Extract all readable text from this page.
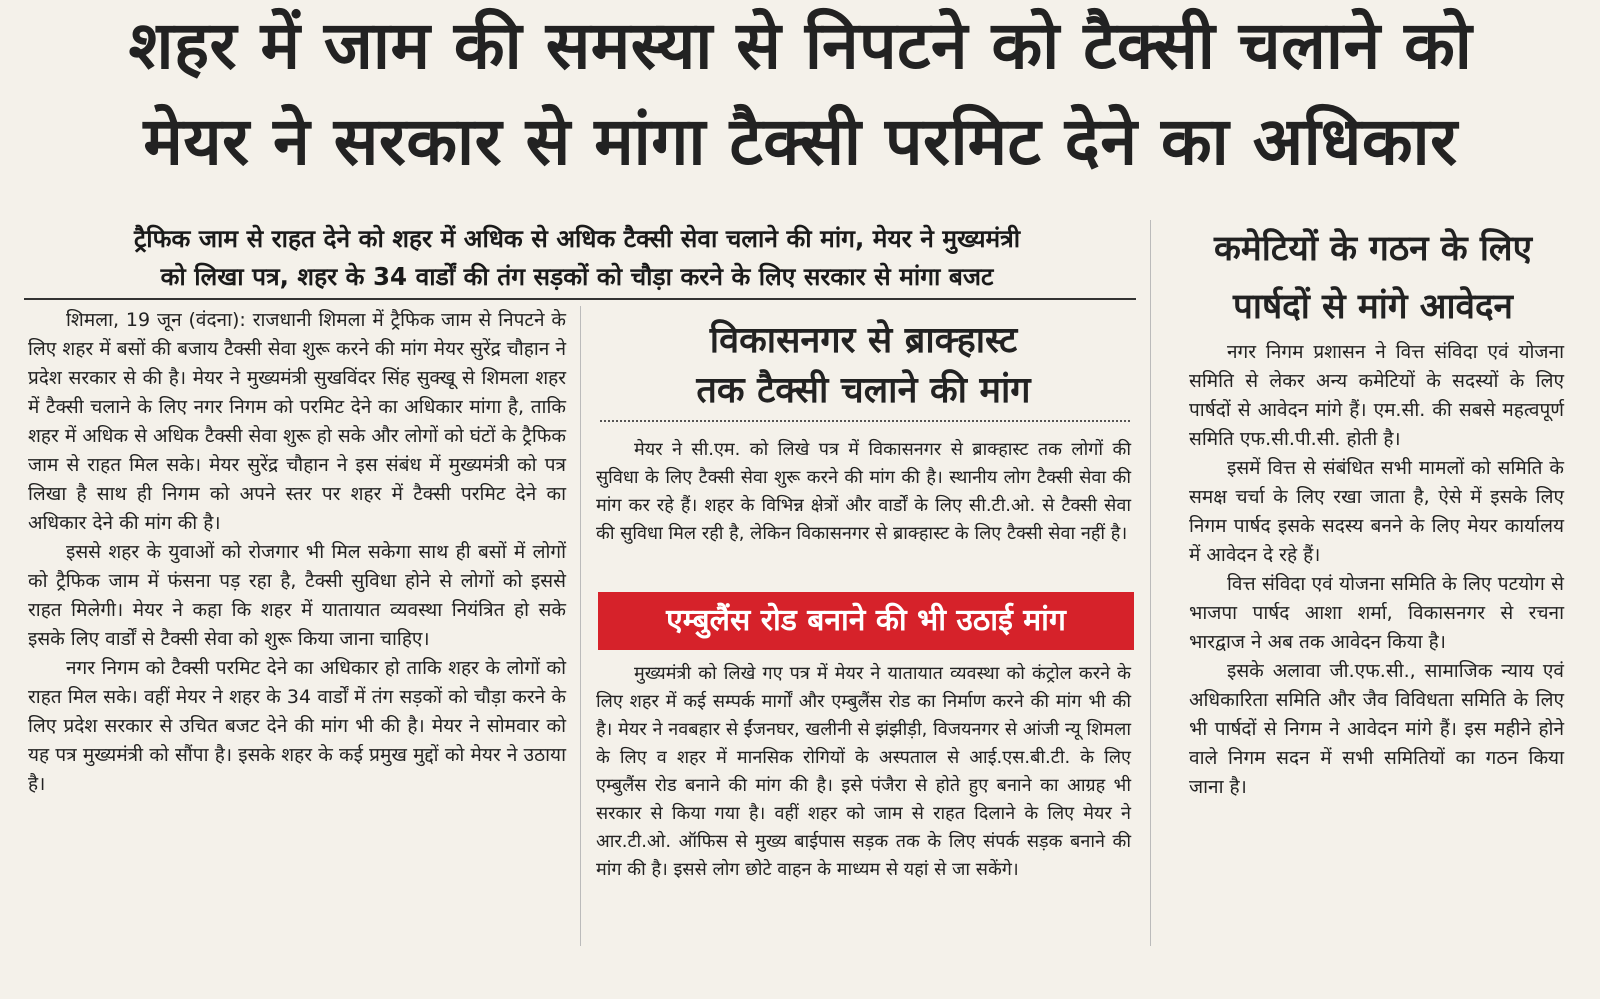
शहर में जाम की समस्या से निपटने को टैक्सी चलाने को
मेयर ने सरकार से मांगा टैक्सी परमिट देने का अधिकार
ट्रैफिक जाम से राहत देने को शहर में अधिक से अधिक टैक्सी सेवा चलाने की मांग, मेयर ने मुख्यमंत्री
को लिखा पत्र, शहर के 34 वार्डों की तंग सड़कों को चौड़ा करने के लिए सरकार से मांगा बजट

शिमला, 19 जून (वंदना): राजधानी शिमला में ट्रैफिक जाम से निपटने के लिए शहर में बसों की बजाय टैक्सी सेवा शुरू करने की मांग मेयर सुरेंद्र चौहान ने प्रदेश सरकार से की है। मेयर ने मुख्यमंत्री सुखविंदर सिंह सुक्खू से शिमला शहर में टैक्सी चलाने के लिए नगर निगम को परमिट देने का अधिकार मांगा है, ताकि शहर में अधिक से अधिक टैक्सी सेवा शुरू हो सके और लोगों को घंटों के ट्रैफिक जाम से राहत मिल सके। मेयर सुरेंद्र चौहान ने इस संबंध में मुख्यमंत्री को पत्र लिखा है साथ ही निगम को अपने स्तर पर शहर में टैक्सी परमिट देने का अधिकार देने की मांग की है।

इससे शहर के युवाओं को रोजगार भी मिल सकेगा साथ ही बसों में लोगों को ट्रैफिक जाम में फंसना पड़ रहा है, टैक्सी सुविधा होने से लोगों को इससे राहत मिलेगी। मेयर ने कहा कि शहर में यातायात व्यवस्था नियंत्रित हो सके इसके लिए वार्डों से टैक्सी सेवा को शुरू किया जाना चाहिए।

नगर निगम को टैक्सी परमिट देने का अधिकार हो ताकि शहर के लोगों को राहत मिल सके। वहीं मेयर ने शहर के 34 वार्डों में तंग सड़कों को चौड़ा करने के लिए प्रदेश सरकार से उचित बजट देने की मांग भी की है। मेयर ने सोमवार को यह पत्र मुख्यमंत्री को सौंपा है। इसके शहर के कई प्रमुख मुद्दों को मेयर ने उठाया है।

विकासनगर से ब्राक्हास्ट
तक टैक्सी चलाने की मांग

मेयर ने सी.एम. को लिखे पत्र में विकासनगर से ब्राक्हास्ट तक लोगों की सुविधा के लिए टैक्सी सेवा शुरू करने की मांग की है। स्थानीय लोग टैक्सी सेवा की मांग कर रहे हैं। शहर के विभिन्न क्षेत्रों और वार्डों के लिए सी.टी.ओ. से टैक्सी सेवा की सुविधा मिल रही है, लेकिन विकासनगर से ब्राक्हास्ट के लिए टैक्सी सेवा नहीं है।

एम्बुलैंस रोड बनाने की भी उठाई मांग

मुख्यमंत्री को लिखे गए पत्र में मेयर ने यातायात व्यवस्था को कंट्रोल करने के लिए शहर में कई सम्पर्क मार्गों और एम्बुलैंस रोड का निर्माण करने की मांग भी की है। मेयर ने नवबहार से ईंजनघर, खलीनी से झंझीड़ी, विजयनगर से आंजी न्यू शिमला के लिए व शहर में मानसिक रोगियों के अस्पताल से आई.एस.बी.टी. के लिए एम्बुलैंस रोड बनाने की मांग की है। इसे पंजैरा से होते हुए बनाने का आग्रह भी सरकार से किया गया है। वहीं शहर को जाम से राहत दिलाने के लिए मेयर ने आर.टी.ओ. ऑफिस से मुख्य बाईपास सड़क तक के लिए संपर्क सड़क बनाने की मांग की है। इससे लोग छोटे वाहन के माध्यम से यहां से जा सकेंगे।

कमेटियों के गठन के लिए
पार्षदों से मांगे आवेदन

नगर निगम प्रशासन ने वित्त संविदा एवं योजना समिति से लेकर अन्य कमेटियों के सदस्यों के लिए पार्षदों से आवेदन मांगे हैं। एम.सी. की सबसे महत्वपूर्ण समिति एफ.सी.पी.सी. होती है।

इसमें वित्त से संबंधित सभी मामलों को समिति के समक्ष चर्चा के लिए रखा जाता है, ऐसे में इसके लिए निगम पार्षद इसके सदस्य बनने के लिए मेयर कार्यालय में आवेदन दे रहे हैं।

वित्त संविदा एवं योजना समिति के लिए पटयोग से भाजपा पार्षद आशा शर्मा, विकासनगर से रचना भारद्वाज ने अब तक आवेदन किया है।

इसके अलावा जी.एफ.सी., सामाजिक न्याय एवं अधिकारिता समिति और जैव विविधता समिति के लिए भी पार्षदों से निगम ने आवेदन मांगे हैं। इस महीने होने वाले निगम सदन में सभी समितियों का गठन किया जाना है।
